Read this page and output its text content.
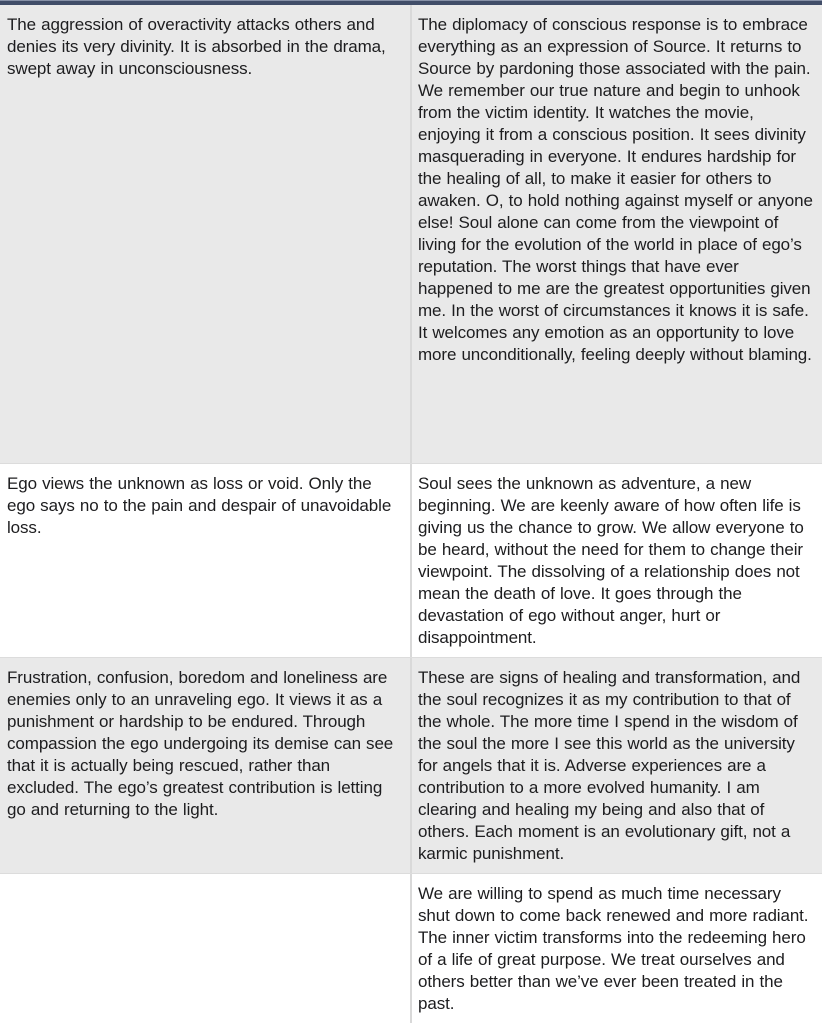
The aggression of overactivity attacks others and denies its very divinity. It is absorbed in the drama, swept away in unconsciousness.
The diplomacy of conscious response is to embrace everything as an expression of Source. It returns to Source by pardoning those associated with the pain. We remember our true nature and begin to unhook from the victim identity. It watches the movie, enjoying it from a conscious position. It sees divinity masquerading in everyone. It endures hardship for the healing of all, to make it easier for others to awaken. O, to hold nothing against myself or anyone else! Soul alone can come from the viewpoint of living for the evolution of the world in place of ego’s reputation. The worst things that have ever happened to me are the greatest opportunities given me. In the worst of circumstances it knows it is safe. It welcomes any emotion as an opportunity to love more unconditionally, feeling deeply without blaming.
Ego views the unknown as loss or void. Only the ego says no to the pain and despair of unavoidable loss.
Soul sees the unknown as adventure, a new beginning. We are keenly aware of how often life is giving us the chance to grow. We allow everyone to be heard, without the need for them to change their viewpoint. The dissolving of a relationship does not mean the death of love. It goes through the devastation of ego without anger, hurt or disappointment.
Frustration, confusion, boredom and loneliness are enemies only to an unraveling ego. It views it as a punishment or hardship to be endured. Through compassion the ego undergoing its demise can see that it is actually being rescued, rather than excluded. The ego’s greatest contribution is letting go and returning to the light.
These are signs of healing and transformation, and the soul recognizes it as my contribution to that of the whole. The more time I spend in the wisdom of the soul the more I see this world as the university for angels that it is. Adverse experiences are a contribution to a more evolved humanity. I am clearing and healing my being and also that of others. Each moment is an evolutionary gift, not a karmic punishment.
We are willing to spend as much time necessary shut down to come back renewed and more radiant. The inner victim transforms into the redeeming hero of a life of great purpose. We treat ourselves and others better than we’ve ever been treated in the past.
